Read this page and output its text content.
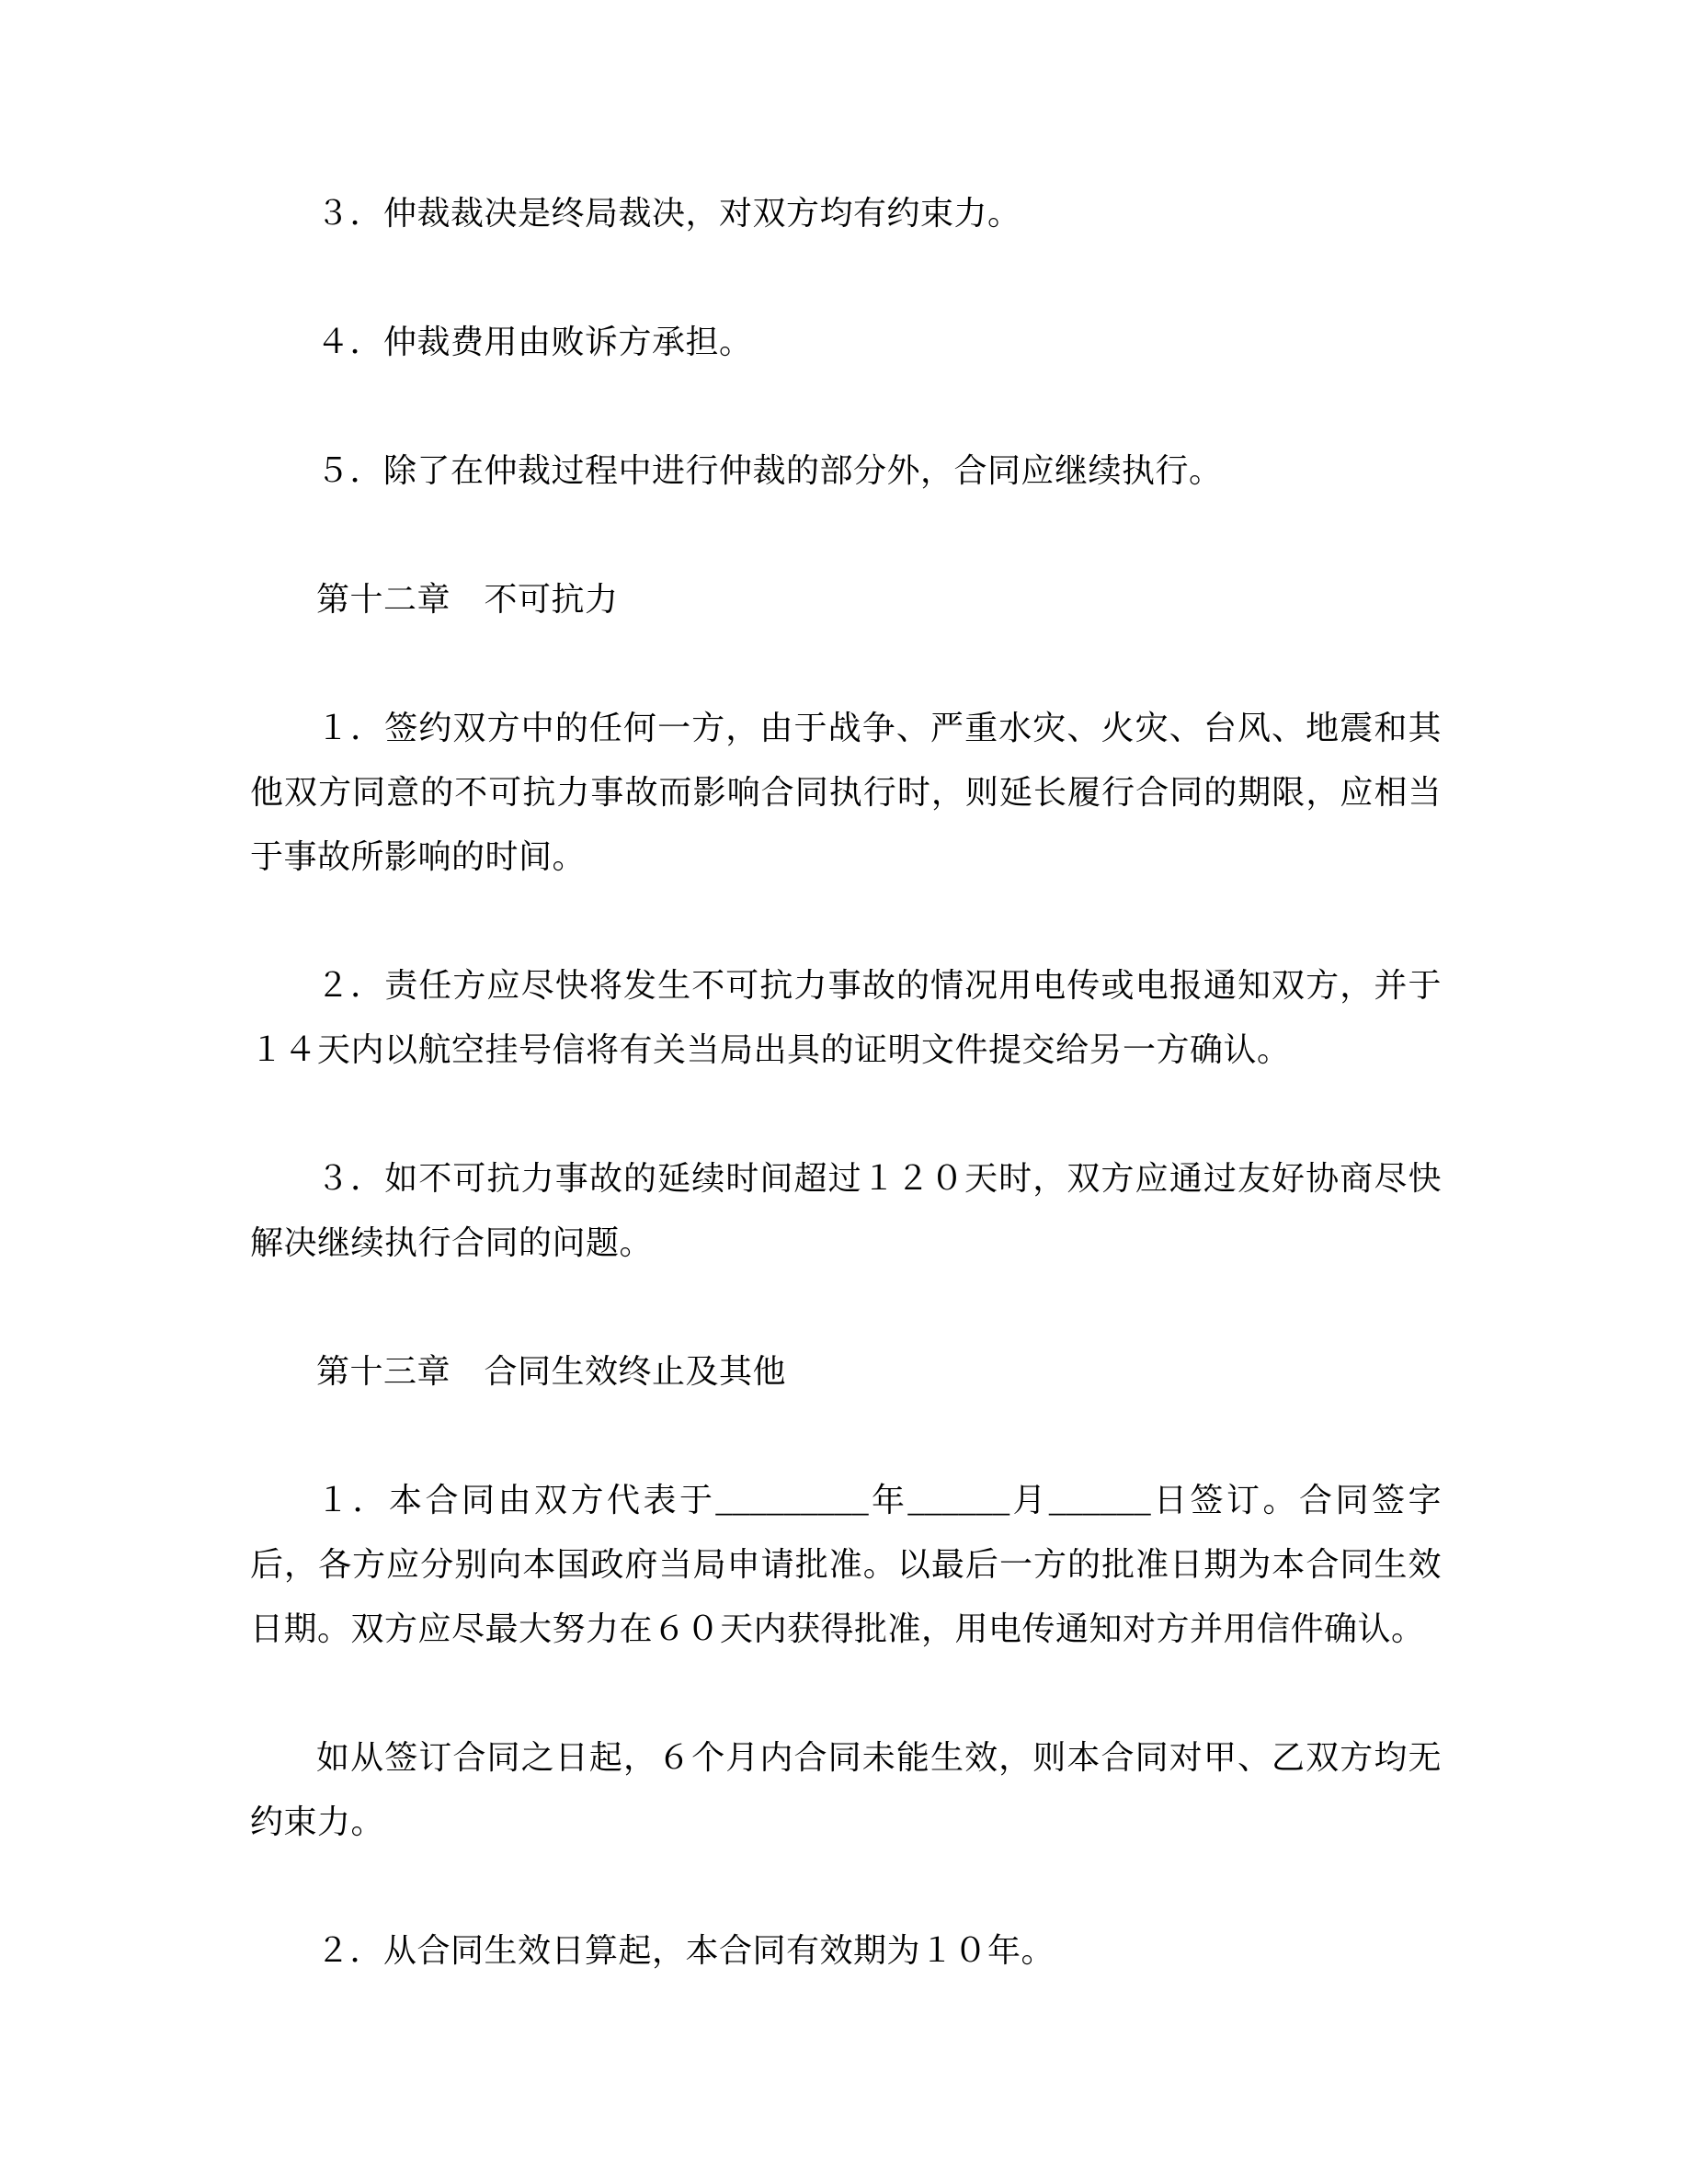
３．仲裁裁决是终局裁决，对双方均有约束力。

４．仲裁费用由败诉方承担。

５．除了在仲裁过程中进行仲裁的部分外，合同应继续执行。

第十二章　不可抗力

１．签约双方中的任何一方，由于战争、严重水灾、火灾、台风、地震和其他双方同意的不可抗力事故而影响合同执行时，则延长履行合同的期限，应相当于事故所影响的时间。

２．责任方应尽快将发生不可抗力事故的情况用电传或电报通知双方，并于１４天内以航空挂号信将有关当局出具的证明文件提交给另一方确认。

３．如不可抗力事故的延续时间超过１２０天时，双方应通过友好协商尽快解决继续执行合同的问题。

第十三章　合同生效终止及其他

１．本合同由双方代表于_________年______月______日签订。合同签字后，各方应分别向本国政府当局申请批准。以最后一方的批准日期为本合同生效日期。双方应尽最大努力在６０天内获得批准，用电传通知对方并用信件确认。

如从签订合同之日起，６个月内合同未能生效，则本合同对甲、乙双方均无约束力。

２．从合同生效日算起，本合同有效期为１０年。
